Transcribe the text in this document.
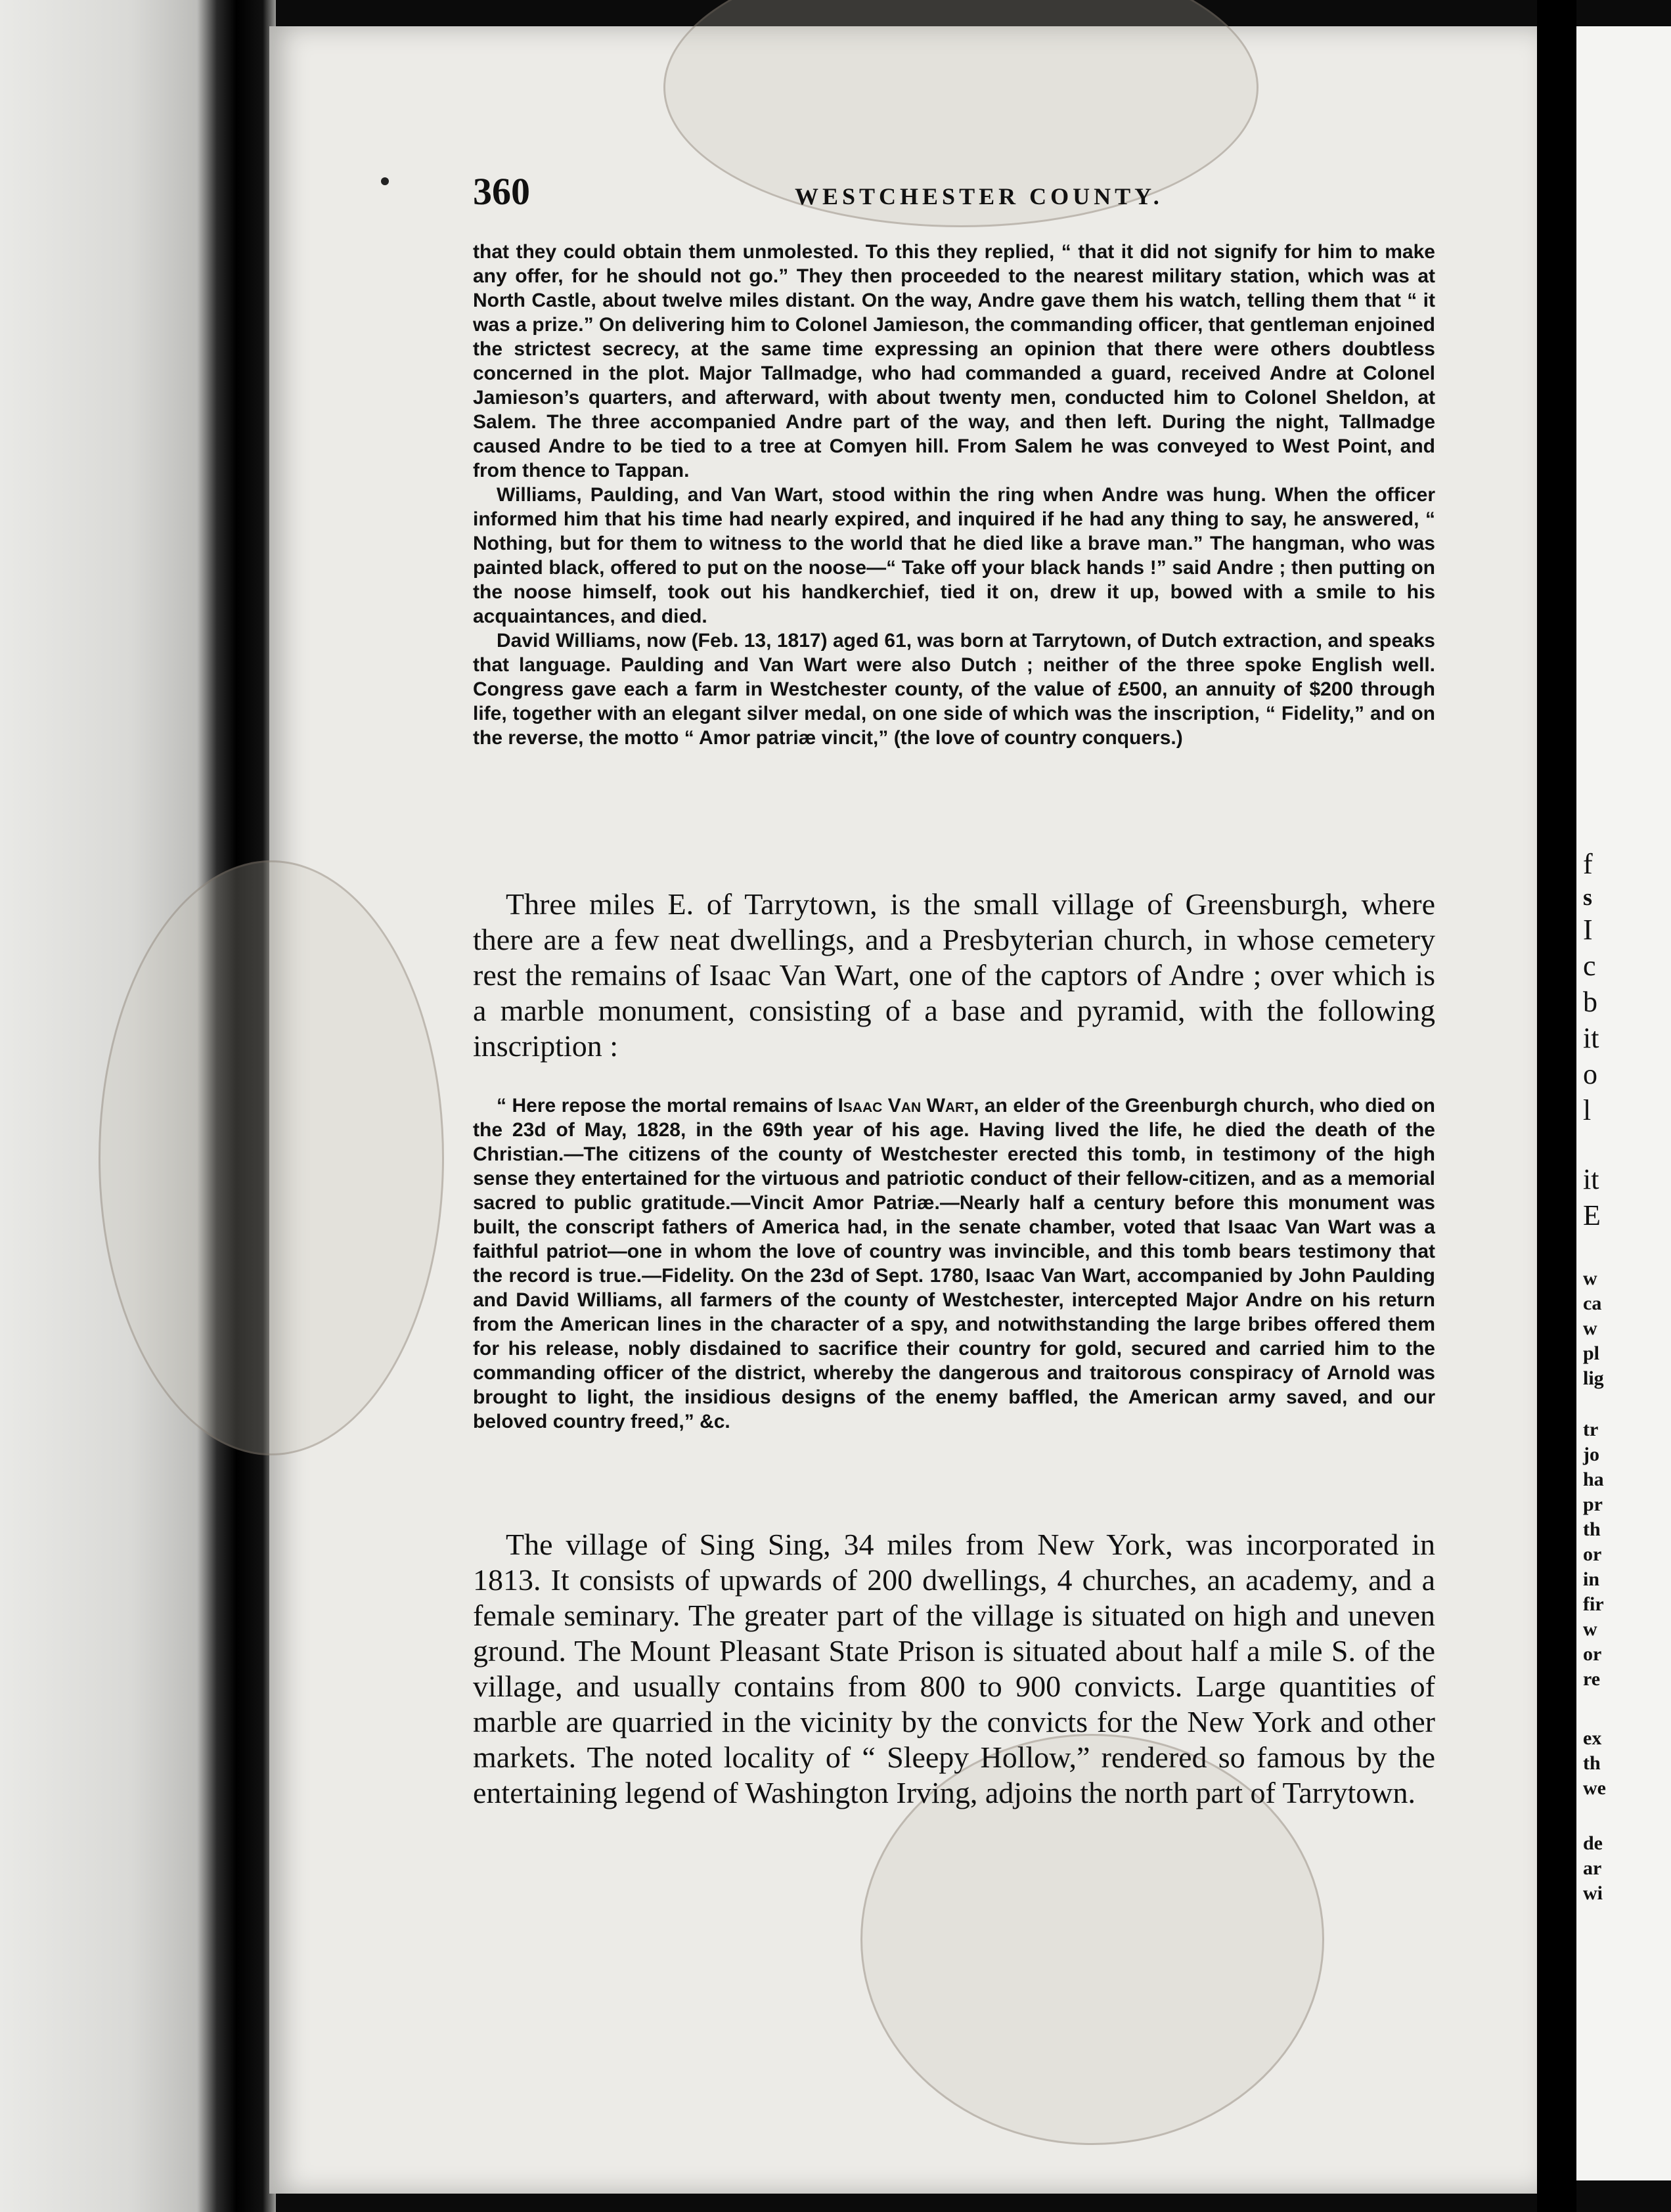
360	WESTCHESTER COUNTY.

that they could obtain them unmolested. To this they replied, “ that it did not signify for him to make any offer, for he should not go.” They then proceeded to the nearest military station, which was at North Castle, about twelve miles distant. On the way, Andre gave them his watch, telling them that “ it was a prize.” On delivering him to Colonel Jamieson, the commanding officer, that gentleman enjoined the strictest secrecy, at the same time expressing an opinion that there were others doubtless concerned in the plot. Major Tallmadge, who had commanded a guard, received Andre at Colonel Jamieson’s quarters, and afterward, with about twenty men, conducted him to Colonel Sheldon, at Salem. The three accompanied Andre part of the way, and then left. During the night, Tallmadge caused Andre to be tied to a tree at Comyen hill. From Salem he was conveyed to West Point, and from thence to Tappan.

Williams, Paulding, and Van Wart, stood within the ring when Andre was hung. When the officer informed him that his time had nearly expired, and inquired if he had any thing to say, he answered, “ Nothing, but for them to witness to the world that he died like a brave man.” The hangman, who was painted black, offered to put on the noose—“ Take off your black hands !” said Andre ; then putting on the noose himself, took out his handkerchief, tied it on, drew it up, bowed with a smile to his acquaintances, and died.

David Williams, now (Feb. 13, 1817) aged 61, was born at Tarrytown, of Dutch extraction, and speaks that language. Paulding and Van Wart were also Dutch ; neither of the three spoke English well. Congress gave each a farm in Westchester county, of the value of £500, an annuity of $200 through life, together with an elegant silver medal, on one side of which was the inscription, “ Fidelity,” and on the reverse, the motto “ Amor patriæ vincit,” (the love of country conquers.)

Three miles E. of Tarrytown, is the small village of Greensburgh, where there are a few neat dwellings, and a Presbyterian church, in whose cemetery rest the remains of Isaac Van Wart, one of the captors of Andre ; over which is a marble monument, consisting of a base and pyramid, with the following inscription :

“ Here repose the mortal remains of Isaac Van Wart, an elder of the Greenburgh church, who died on the 23d of May, 1828, in the 69th year of his age. Having lived the life, he died the death of the Christian.—The citizens of the county of Westchester erected this tomb, in testimony of the high sense they entertained for the virtuous and patriotic conduct of their fellow-citizen, and as a memorial sacred to public gratitude.—Vincit Amor Patriæ.—Nearly half a century before this monument was built, the conscript fathers of America had, in the senate chamber, voted that Isaac Van Wart was a faithful patriot—one in whom the love of country was invincible, and this tomb bears testimony that the record is true.—Fidelity. On the 23d of Sept. 1780, Isaac Van Wart, accompanied by John Paulding and David Williams, all farmers of the county of Westchester, intercepted Major Andre on his return from the American lines in the character of a spy, and notwithstanding the large bribes offered them for his release, nobly disdained to sacrifice their country for gold, secured and carried him to the commanding officer of the district, whereby the dangerous and traitorous conspiracy of Arnold was brought to light, the insidious designs of the enemy baffled, the American army saved, and our beloved country freed,” &c.

The village of Sing Sing, 34 miles from New York, was incorporated in 1813. It consists of upwards of 200 dwellings, 4 churches, an academy, and a female seminary. The greater part of the village is situated on high and uneven ground. The Mount Pleasant State Prison is situated about half a mile S. of the village, and usually contains from 800 to 900 convicts. Large quantities of marble are quarried in the vicinity by the convicts for the New York and other markets. The noted locality of “ Sleepy Hollow,” rendered so famous by the entertaining legend of Washington Irving, adjoins the north part of Tarrytown.

f
s
I
c
b
it
o
l
it
E
w
ca
w
pl
lig
tr
jo
ha
pr
th
or
in
fir
w
or
re
ex
th
we
de
ar
wi
